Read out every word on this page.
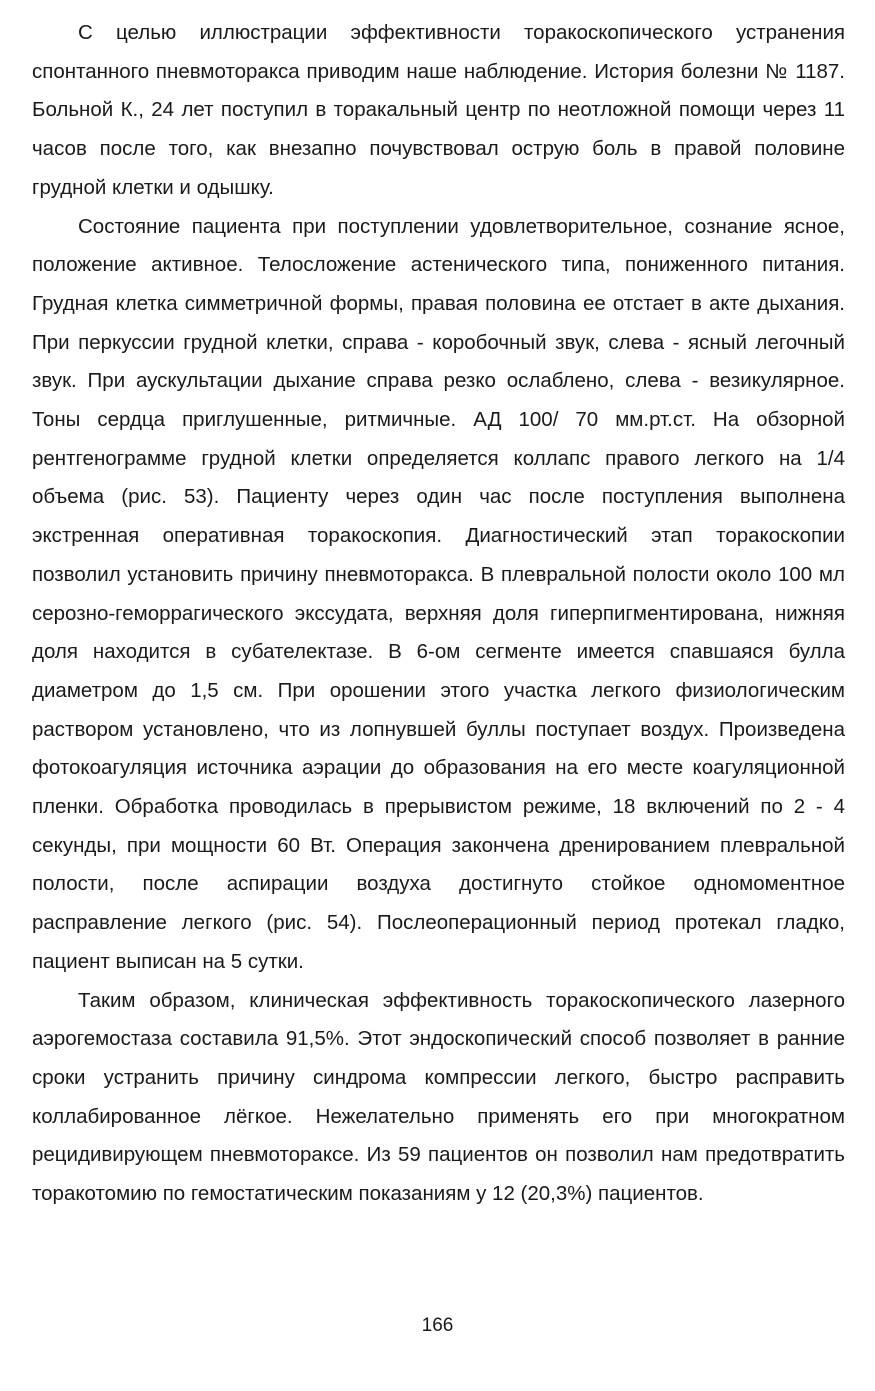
С целью иллюстрации эффективности торакоскопического устранения спонтанного пневмоторакса приводим наше наблюдение. История болезни № 1187. Больной К., 24 лет поступил в торакальный центр по неотложной помощи через 11 часов после того, как внезапно почувствовал острую боль в правой половине грудной клетки и одышку.

Состояние пациента при поступлении удовлетворительное, сознание ясное, положение активное. Телосложение астенического типа, пониженного питания. Грудная клетка симметричной формы, правая половина ее отстает в акте дыхания. При перкуссии грудной клетки, справа - коробочный звук, слева - ясный легочный звук. При аускультации дыхание справа резко ослаблено, слева - везикулярное. Тоны сердца приглушенные, ритмичные. АД 100/ 70 мм.рт.ст. На обзорной рентгенограмме грудной клетки определяется коллапс правого легкого на 1/4 объема (рис. 53). Пациенту через один час после поступления выполнена экстренная оперативная торакоскопия. Диагностический этап торакоскопии позволил установить причину пневмоторакса. В плевральной полости около 100 мл серозно-геморрагического экссудата, верхняя доля гиперпигментирована, нижняя доля находится в субателектазе. В 6-ом сегменте имеется спавшаяся булла диаметром до 1,5 см. При орошении этого участка легкого физиологическим раствором установлено, что из лопнувшей буллы поступает воздух. Произведена фотокоагуляция источника аэрации до образования на его месте коагуляционной пленки. Обработка проводилась в прерывистом режиме, 18 включений по 2 - 4 секунды, при мощности 60 Вт. Операция закончена дренированием плевральной полости, после аспирации воздуха достигнуто стойкое одномоментное расправление легкого (рис. 54). Послеоперационный период протекал гладко, пациент выписан на 5 сутки.

Таким образом, клиническая эффективность торакоскопического лазерного аэрогемостаза составила 91,5%. Этот эндоскопический способ позволяет в ранние сроки устранить причину синдрома компрессии легкого, быстро расправить коллабированное лёгкое. Нежелательно применять его при многократном рецидивирующем пневмотораксе. Из 59 пациентов он позволил нам предотвратить торакотомию по гемостатическим показаниям у 12 (20,3%) пациентов.

166
